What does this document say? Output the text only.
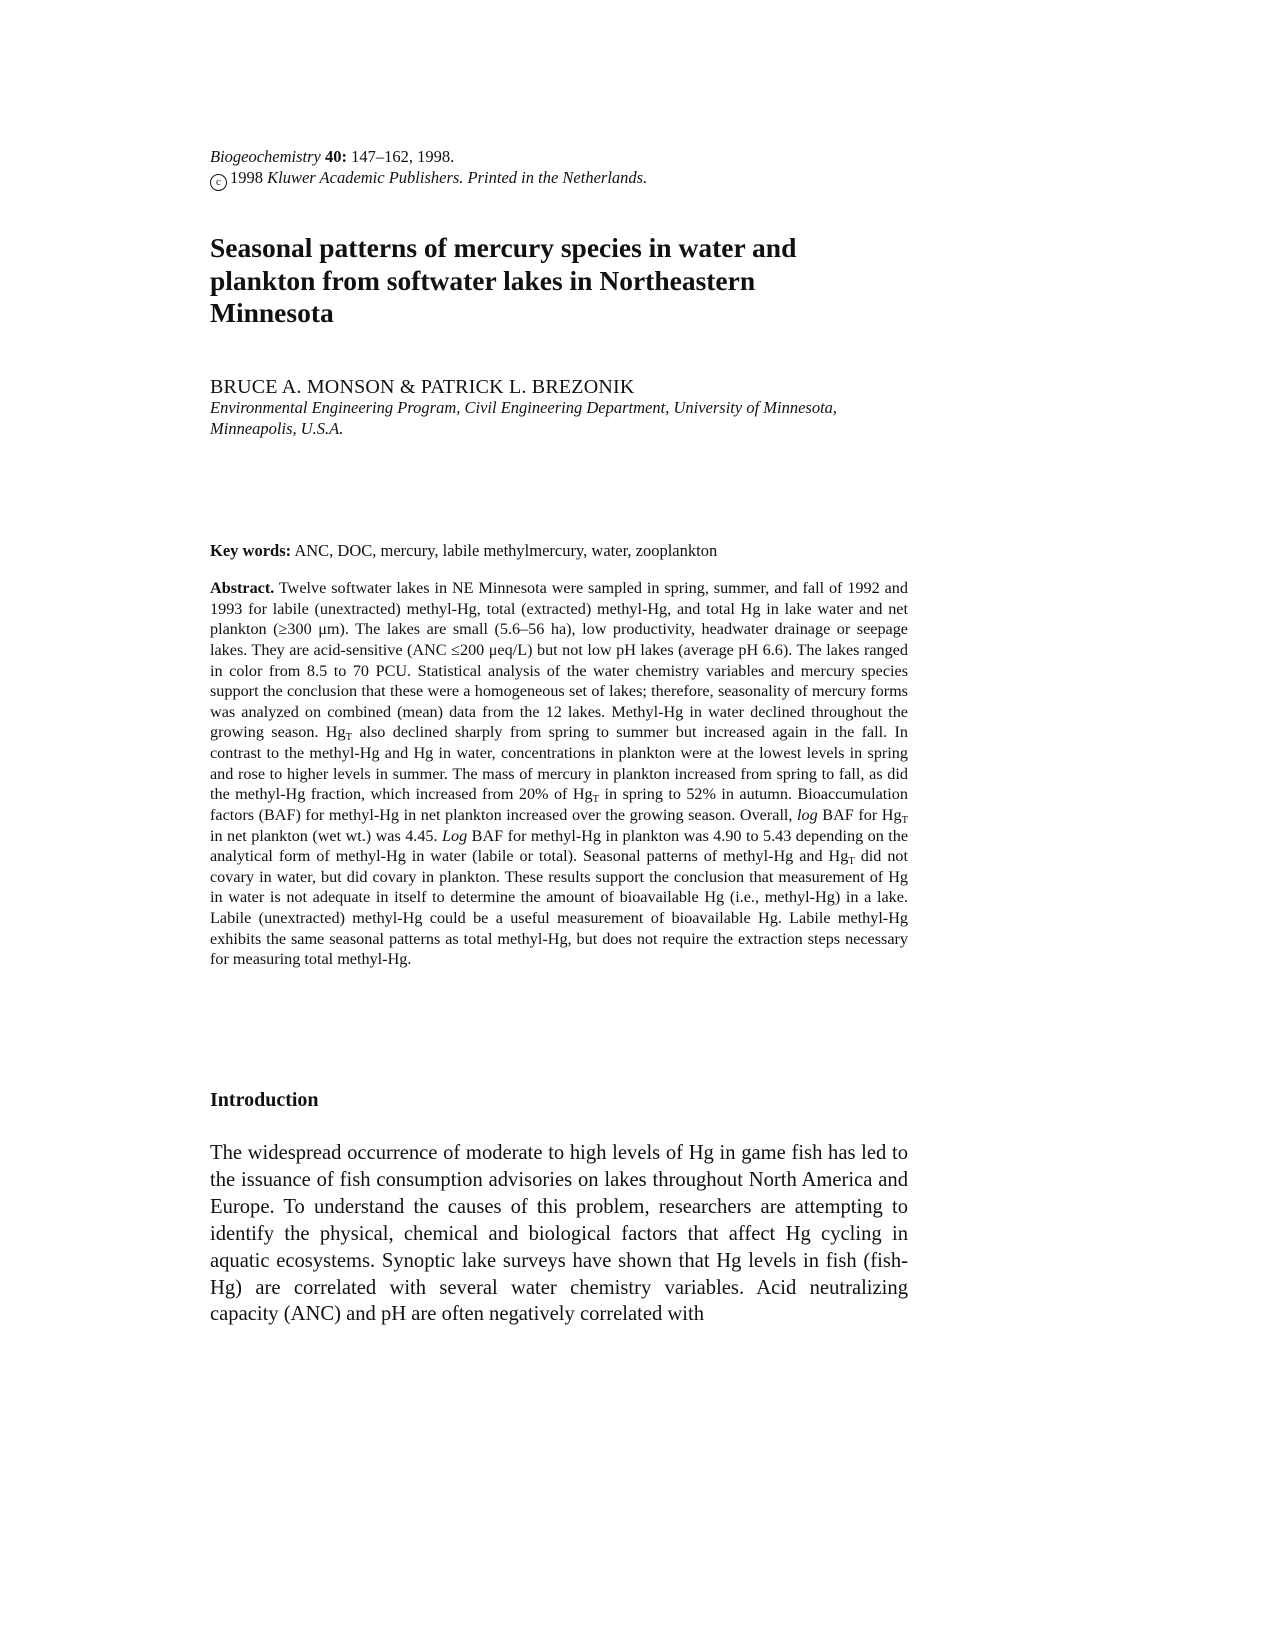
Biogeochemistry 40: 147–162, 1998.
c 1998 Kluwer Academic Publishers. Printed in the Netherlands.
Seasonal patterns of mercury species in water and plankton from softwater lakes in Northeastern Minnesota
BRUCE A. MONSON & PATRICK L. BREZONIK
Environmental Engineering Program, Civil Engineering Department, University of Minnesota, Minneapolis, U.S.A.
Key words: ANC, DOC, mercury, labile methylmercury, water, zooplankton
Abstract. Twelve softwater lakes in NE Minnesota were sampled in spring, summer, and fall of 1992 and 1993 for labile (unextracted) methyl-Hg, total (extracted) methyl-Hg, and total Hg in lake water and net plankton (≥300 μm). The lakes are small (5.6–56 ha), low productivity, headwater drainage or seepage lakes. They are acid-sensitive (ANC ≤200 μeq/L) but not low pH lakes (average pH 6.6). The lakes ranged in color from 8.5 to 70 PCU. Statistical analysis of the water chemistry variables and mercury species support the conclusion that these were a homogeneous set of lakes; therefore, seasonality of mercury forms was analyzed on combined (mean) data from the 12 lakes. Methyl-Hg in water declined throughout the growing season. $Hg_T$ also declined sharply from spring to summer but increased again in the fall. In contrast to the methyl-Hg and Hg in water, concentrations in plankton were at the lowest levels in spring and rose to higher levels in summer. The mass of mercury in plankton increased from spring to fall, as did the methyl-Hg fraction, which increased from 20% of $Hg_T$ in spring to 52% in autumn. Bioaccumulation factors (BAF) for methyl-Hg in net plankton increased over the growing season. Overall, log BAF for $Hg_T$ in net plankton (wet wt.) was 4.45. Log BAF for methyl-Hg in plankton was 4.90 to 5.43 depending on the analytical form of methyl-Hg in water (labile or total). Seasonal patterns of methyl-Hg and $Hg_T$ did not covary in water, but did covary in plankton. These results support the conclusion that measurement of Hg in water is not adequate in itself to determine the amount of bioavailable Hg (i.e., methyl-Hg) in a lake. Labile (unextracted) methyl-Hg could be a useful measurement of bioavailable Hg. Labile methyl-Hg exhibits the same seasonal patterns as total methyl-Hg, but does not require the extraction steps necessary for measuring total methyl-Hg.
Introduction

The widespread occurrence of moderate to high levels of Hg in game fish has led to the issuance of fish consumption advisories on lakes throughout North America and Europe. To understand the causes of this problem, researchers are attempting to identify the physical, chemical and biological factors that affect Hg cycling in aquatic ecosystems. Synoptic lake surveys have shown that Hg levels in fish (fish-Hg) are correlated with several water chemistry variables. Acid neutralizing capacity (ANC) and pH are often negatively correlated with
